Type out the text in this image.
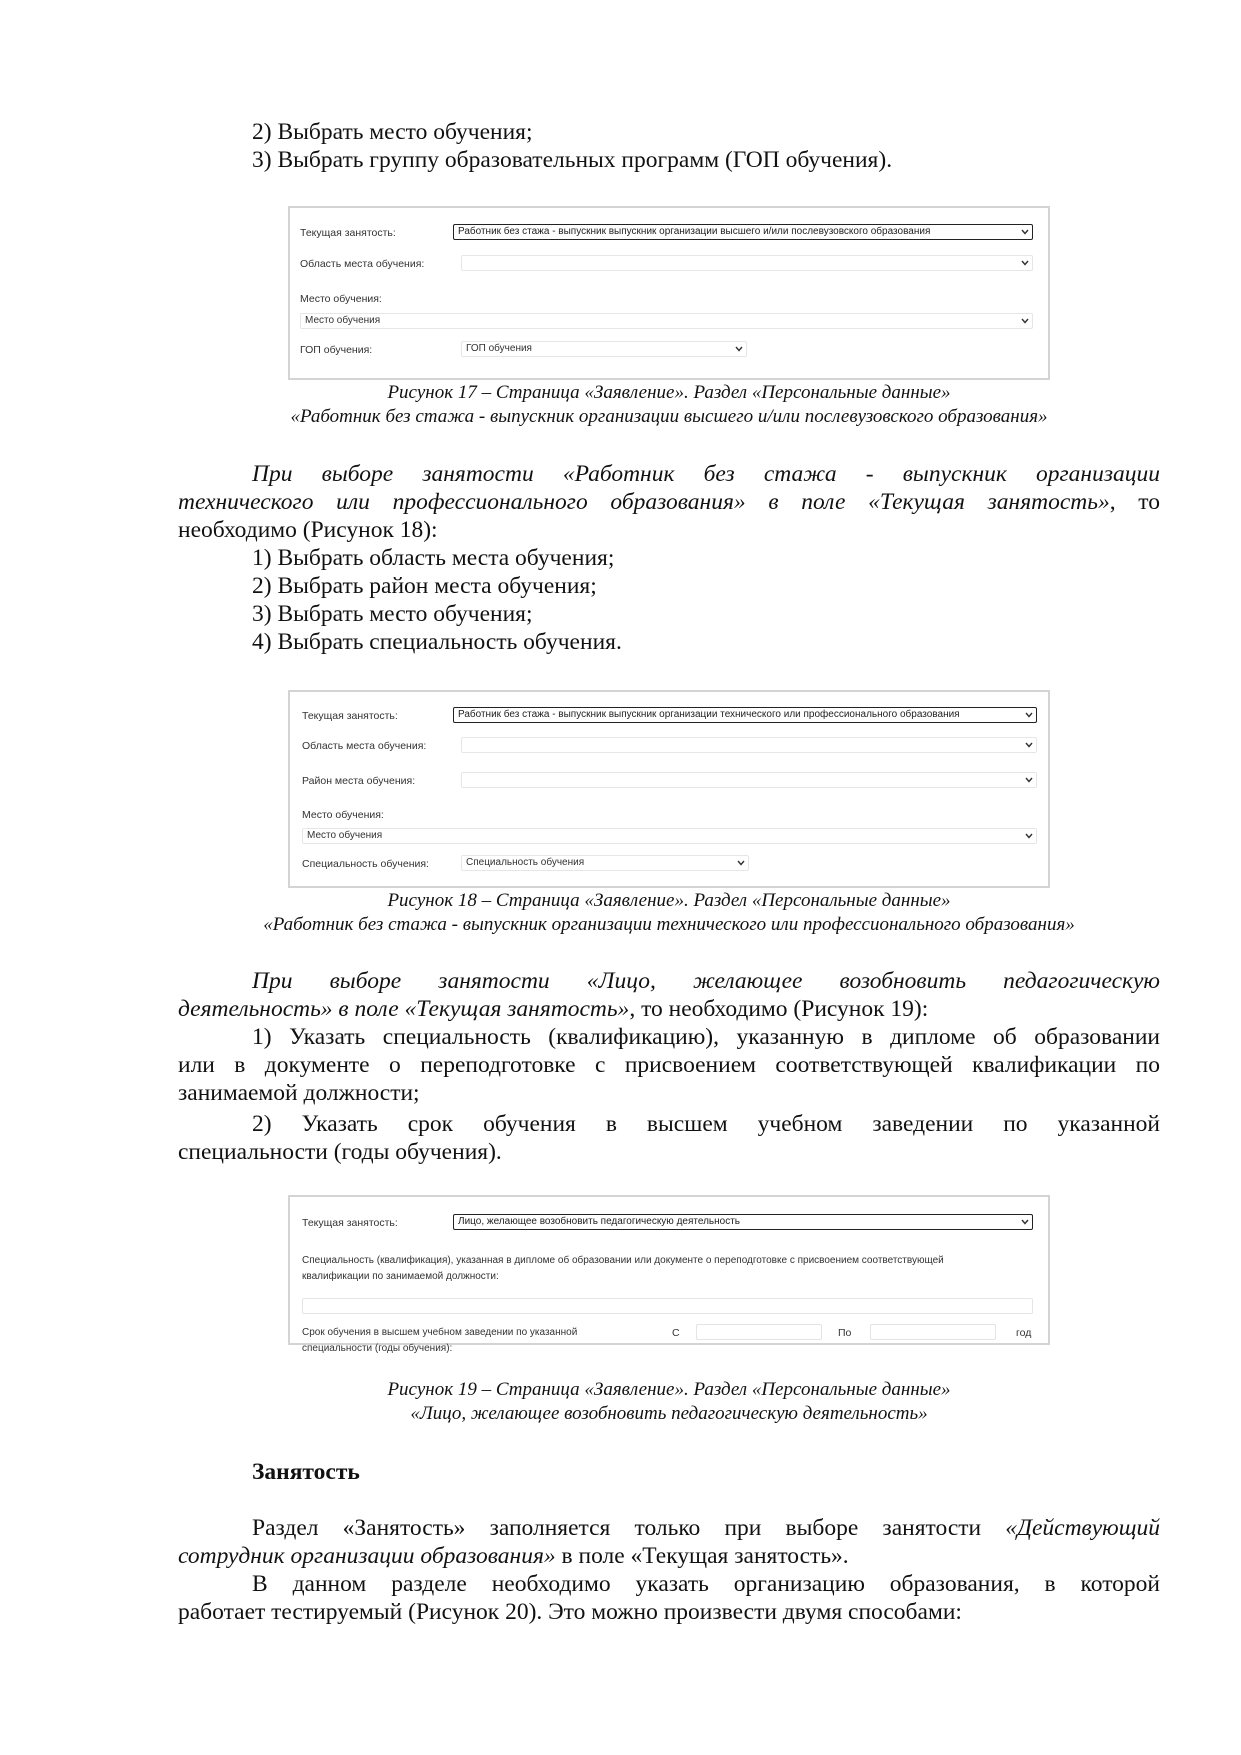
2) Выбрать место обучения;
3) Выбрать группу образовательных программ (ГОП обучения).
Текущая занятость:	Работник без стажа - выпускник выпускник организации высшего и/или послевузовского образования
Область места обучения:
Место обучения:
Место обучения
ГОП обучения:	ГОП обучения
Рисунок 17 – Страница «Заявление». Раздел «Персональные данные»
«Работник без стажа - выпускник организации высшего и/или послевузовского образования»
При выборе занятости «Работник без стажа - выпускник организации
технического или профессионального образования» в поле «Текущая занятость», то
необходимо (Рисунок 18):
1) Выбрать область места обучения;
2) Выбрать район места обучения;
3) Выбрать место обучения;
4) Выбрать специальность обучения.
Текущая занятость:	Работник без стажа - выпускник выпускник организации технического или профессионального образования
Область места обучения:
Район места обучения:
Место обучения:
Место обучения
Специальность обучения:	Специальность обучения
Рисунок 18 – Страница «Заявление». Раздел «Персональные данные»
«Работник без стажа - выпускник организации технического или профессионального образования»
При выборе занятости «Лицо, желающее возобновить педагогическую
деятельность» в поле «Текущая занятость», то необходимо (Рисунок 19):
1) Указать специальность (квалификацию), указанную в дипломе об образовании
или в документе о переподготовке с присвоением соответствующей квалификации по
занимаемой должности;
2) Указать срок обучения в высшем учебном заведении по указанной
специальности (годы обучения).
Текущая занятость:	Лицо, желающее возобновить педагогическую деятельность
Специальность (квалификация), указанная в дипломе об образовании или документе о переподготовке с присвоением соответствующей
квалификации по занимаемой должности:
Срок обучения в высшем учебном заведении по указанной
специальности (годы обучения):
С	По	год
Рисунок 19 – Страница «Заявление». Раздел «Персональные данные»
«Лицо, желающее возобновить педагогическую деятельность»
Занятость
Раздел «Занятость» заполняется только при выборе занятости «Действующий
сотрудник организации образования» в поле «Текущая занятость».
В данном разделе необходимо указать организацию образования, в которой
работает тестируемый (Рисунок 20). Это можно произвести двумя способами:
